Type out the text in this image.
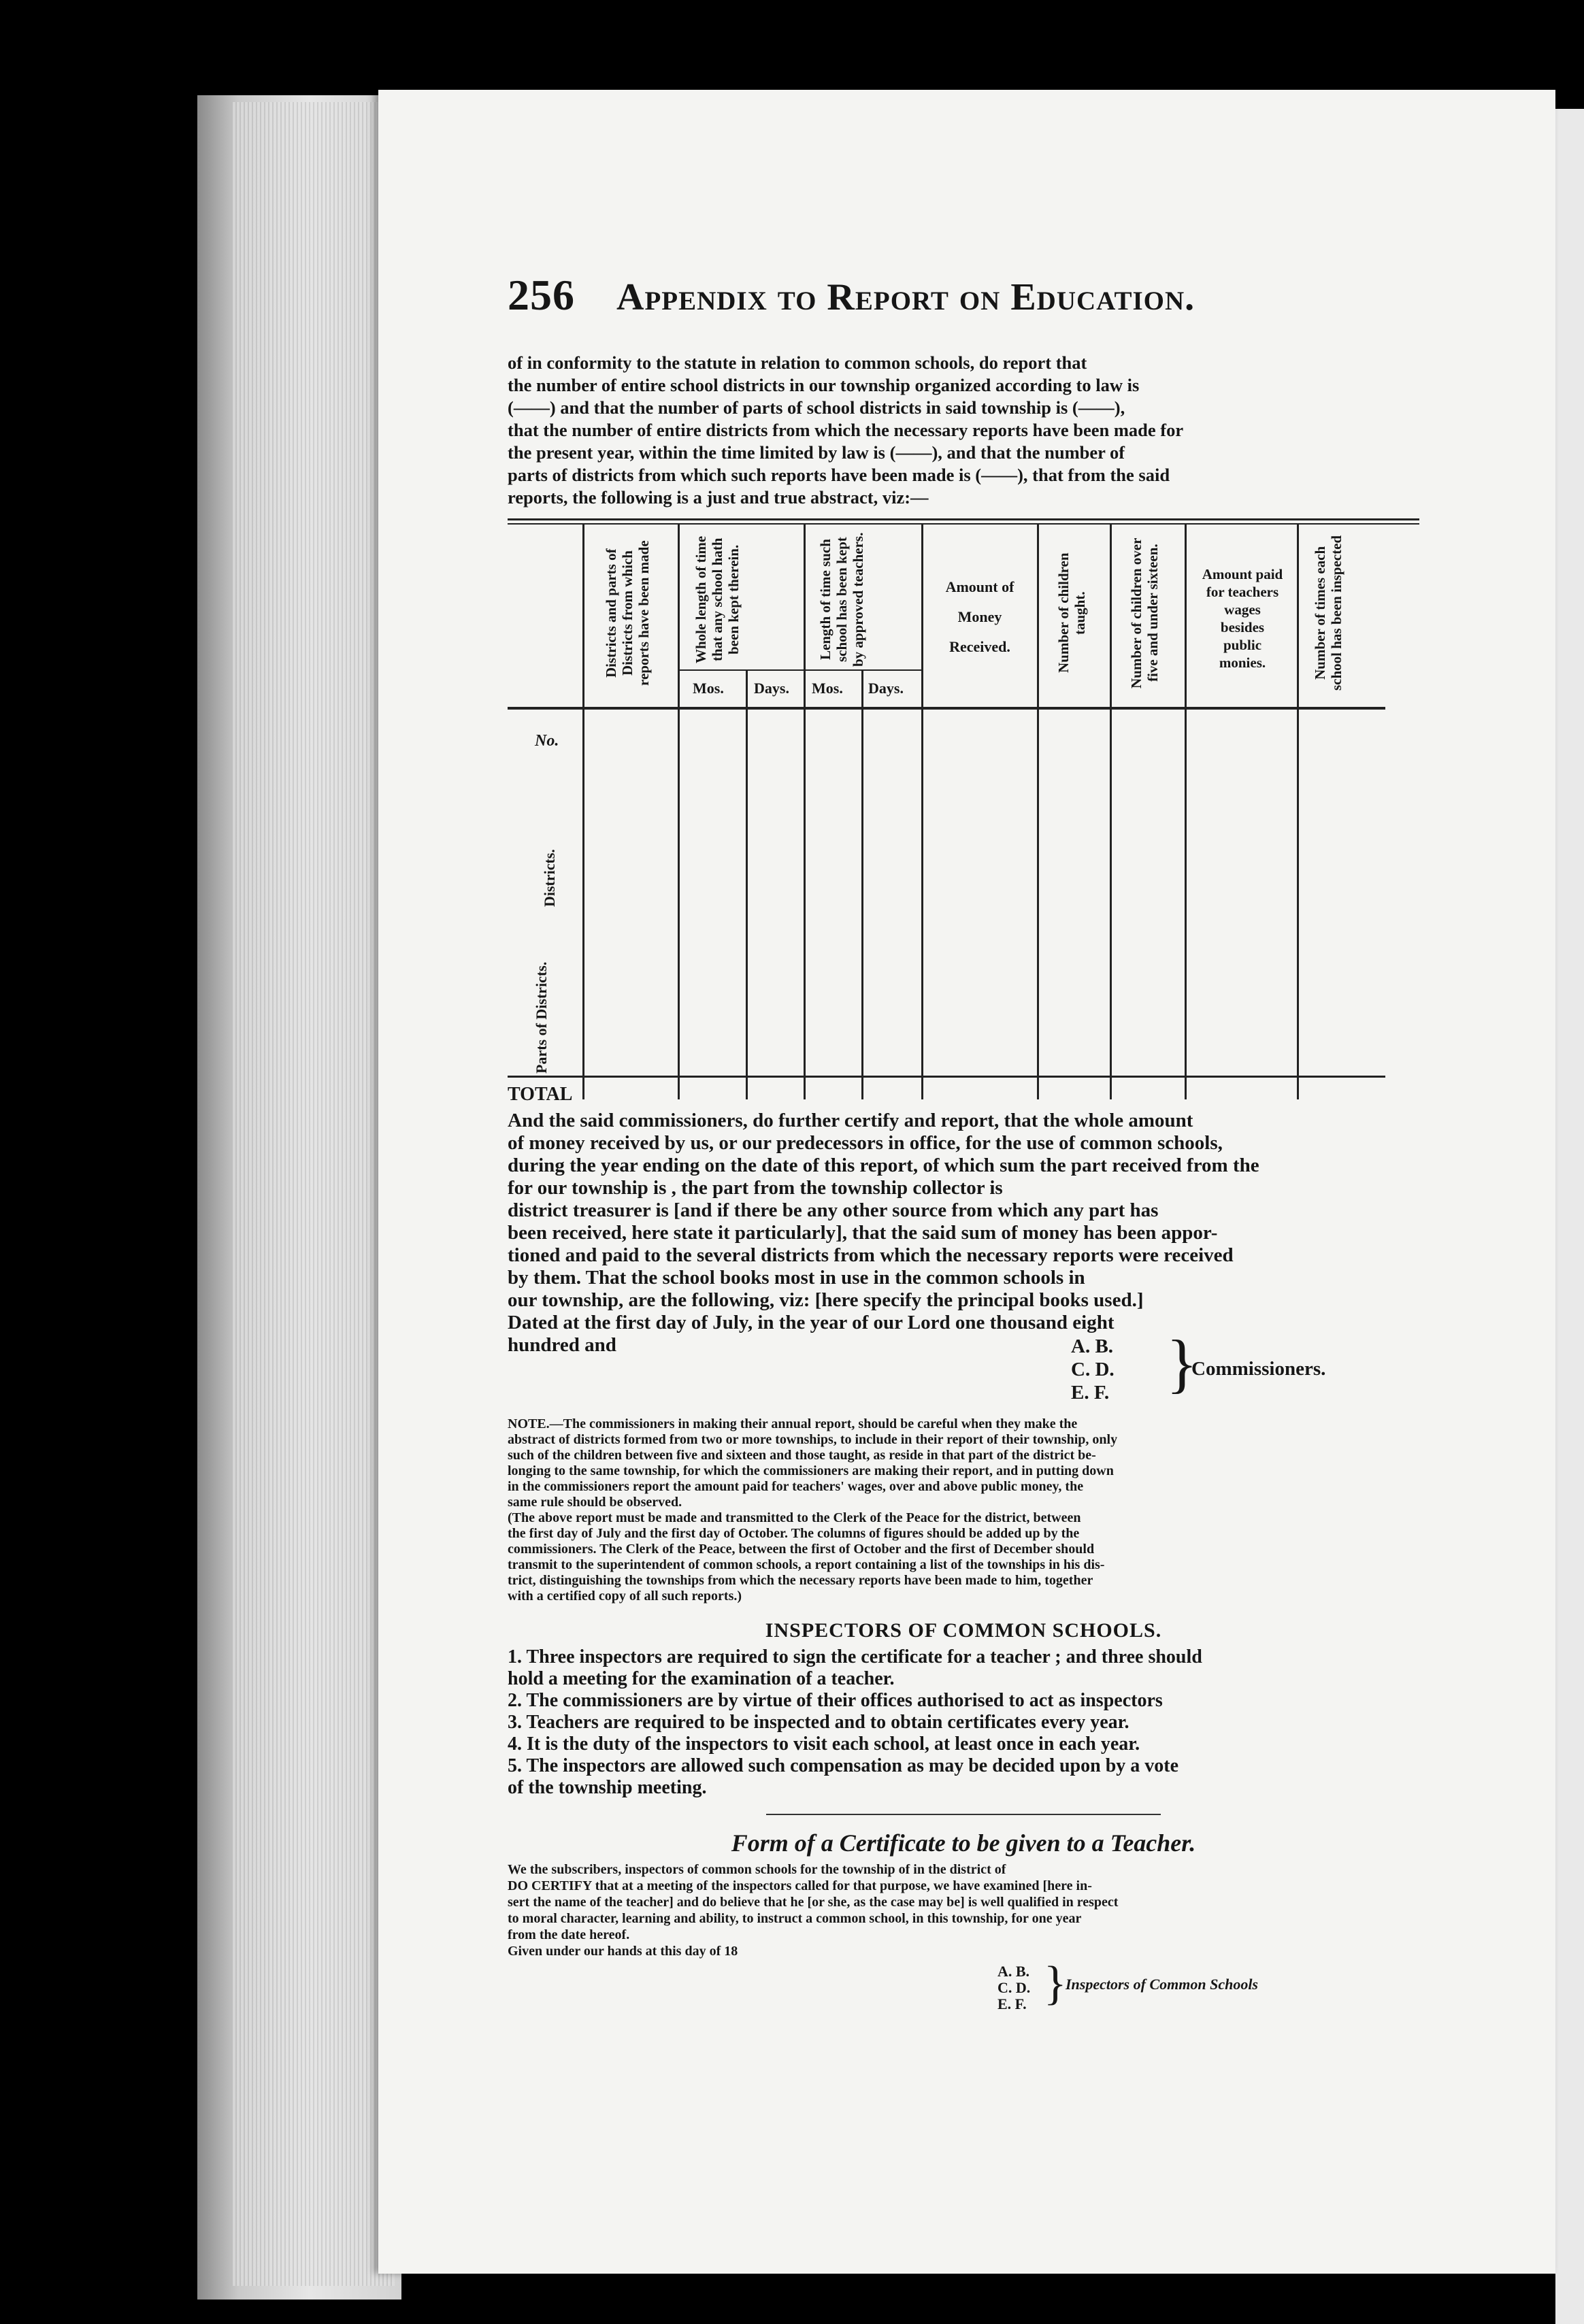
256 Appendix to Report on Education.
of in conformity to the statute in relation to common schools, do report that
the number of entire school districts in our township organized according to law is
(——) and that the number of parts of school districts in said township is (——),
that the number of entire districts from which the necessary reports have been made for
the present year, within the time limited by law is (——), and that the number of
parts of districts from which such reports have been made is (——), that from the said
reports, the following is a just and true abstract, viz:—
Districts and parts of Districts from which reports have been made	Whole length of time that any school hath been kept therein.	Length of time such school has been kept by approved teachers.	Amount of Money Received.	Number of children taught.	Number of children over five and under sixteen.	Amount paid for teachers wages besides public monies.	Number of times each school has been inspected
Mos. Days. Mos. Days.
No.
Districts.
Parts of Districts.
TOTAL
And the said commissioners, do further certify and report, that the whole amount
of money received by us, or our predecessors in office, for the use of common schools,
during the year ending on the date of this report, of which sum the part received from the
for our township is , the part from the township collector is
district treasurer is [and if there be any other source from which any part has
been received, here state it particularly], that the said sum of money has been appor-
tioned and paid to the several districts from which the necessary reports were received
by them. That the school books most in use in the common schools in
our township, are the following, viz: [here specify the principal books used.]
Dated at the first day of July, in the year of our Lord one thousand eight
hundred and	A. B.
C. D.
E. F. }
Commissioners.

NOTE.—The commissioners in making their annual report, should be careful when they make the
abstract of districts formed from two or more townships, to include in their report of their township, only
such of the children between five and sixteen and those taught, as reside in that part of the district be-
longing to the same township, for which the commissioners are making their report, and in putting down
in the commissioners report the amount paid for teachers' wages, over and above public money, the
same rule should be observed.

(The above report must be made and transmitted to the Clerk of the Peace for the district, between
the first day of July and the first day of October. The columns of figures should be added up by the
commissioners. The Clerk of the Peace, between the first of October and the first of December should
transmit to the superintendent of common schools, a report containing a list of the townships in his dis-
trict, distinguishing the townships from which the necessary reports have been made to him, together
with a certified copy of all such reports.)

INSPECTORS OF COMMON SCHOOLS.
1. Three inspectors are required to sign the certificate for a teacher ; and three should
hold a meeting for the examination of a teacher.
2. The commissioners are by virtue of their offices authorised to act as inspectors
3. Teachers are required to be inspected and to obtain certificates every year.
4. It is the duty of the inspectors to visit each school, at least once in each year.
5. The inspectors are allowed such compensation as may be decided upon by a vote
of the township meeting.
Form of a Certificate to be given to a Teacher.
We the subscribers, inspectors of common schools for the township of in the district of
DO CERTIFY that at a meeting of the inspectors called for that purpose, we have examined [here in-
sert the name of the teacher] and do believe that he [or she, as the case may be] is well qualified in respect
to moral character, learning and ability, to instruct a common school, in this township, for one year
from the date hereof.
Given under our hands at this day of 18
A. B.
C. D.
E. F. }
Inspectors of Common Schools
